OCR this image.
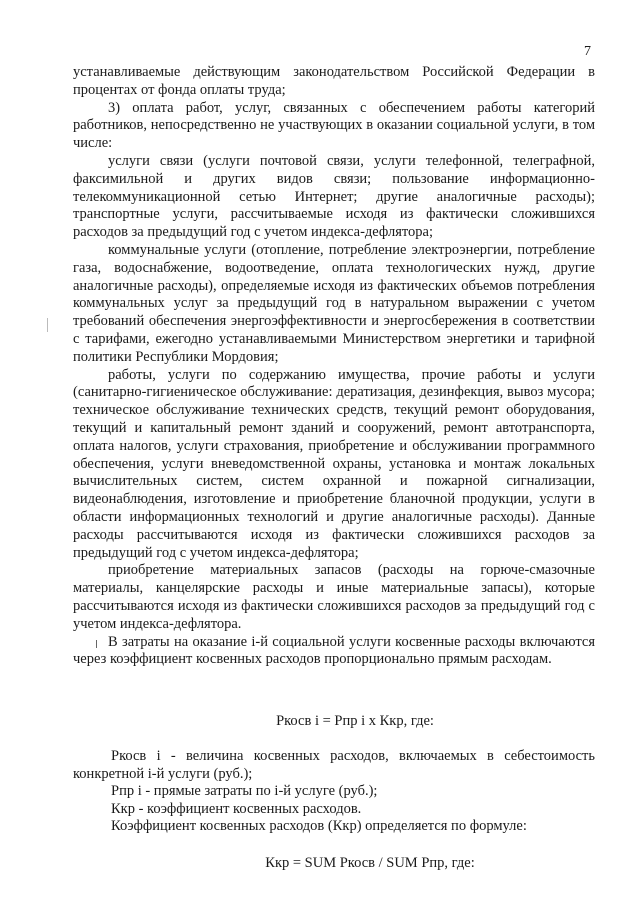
7

устанавливаемые действующим законодательством Российской Федерации в процентах от фонда оплаты труда;

3) оплата работ, услуг, связанных с обеспечением работы категорий работников, непосредственно не участвующих в оказании социальной услуги, в том числе:

услуги связи (услуги почтовой связи, услуги телефонной, телеграфной, факсимильной и других видов связи; пользование информационно-телекоммуникационной сетью Интернет; другие аналогичные расходы); транспортные услуги, рассчитываемые исходя из фактически сложившихся расходов за предыдущий год с учетом индекса-дефлятора;

коммунальные услуги (отопление, потребление электроэнергии, потребление газа, водоснабжение, водоотведение, оплата технологических нужд, другие аналогичные расходы), определяемые исходя из фактических объемов потребления коммунальных услуг за предыдущий год в натуральном выражении с учетом требований обеспечения энергоэффективности и энергосбережения в соответствии с тарифами, ежегодно устанавливаемыми Министерством энергетики и тарифной политики Республики Мордовия;

работы, услуги по содержанию имущества, прочие работы и услуги (санитарно-гигиеническое обслуживание: дератизация, дезинфекция, вывоз мусора; техническое обслуживание технических средств, текущий ремонт оборудования, текущий и капитальный ремонт зданий и сооружений, ремонт автотранспорта, оплата налогов, услуги страхования, приобретение и обслуживании программного обеспечения, услуги вневедомственной охраны, установка и монтаж локальных вычислительных систем, систем охранной и пожарной сигнализации, видеонаблюдения, изготовление и приобретение бланочной продукции, услуги в области информационных технологий и другие аналогичные расходы). Данные расходы рассчитываются исходя из фактически сложившихся расходов за предыдущий год с учетом индекса-дефлятора;

приобретение материальных запасов (расходы на горюче-смазочные материалы, канцелярские расходы и иные материальные запасы), которые рассчитываются исходя из фактически сложившихся расходов за предыдущий год с учетом индекса-дефлятора.

В затраты на оказание i-й социальной услуги косвенные расходы включаются через коэффициент косвенных расходов пропорционально прямым расходам.

Ркосв i = Рпр i х Ккр, где:

Ркосв i - величина косвенных расходов, включаемых в себестоимость конкретной i-й услуги (руб.);

Рпр i - прямые затраты по i-й услуге (руб.);

Ккр - коэффициент косвенных расходов.

Коэффициент косвенных расходов (Ккр) определяется по формуле:

Ккр = SUM Ркосв / SUM Рпр, где:
